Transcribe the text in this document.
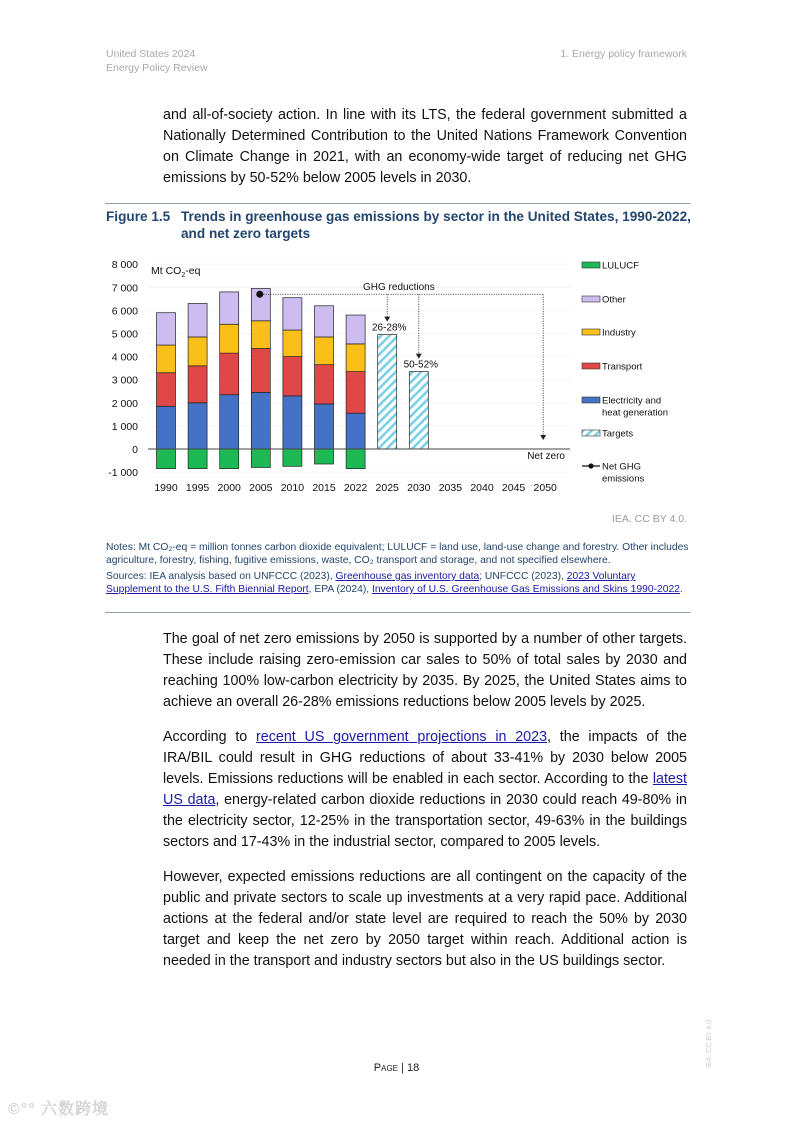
United States 2024
Energy Policy Review
1. Energy policy framework

and all-of-society action. In line with its LTS, the federal government submitted a Nationally Determined Contribution to the United Nations Framework Convention on Climate Change in 2021, with an economy-wide target of reducing net GHG emissions by 50-52% below 2005 levels in 2030.

Figure 1.5 Trends in greenhouse gas emissions by sector in the United States, 1990-2022, and net zero targets
-1 000
0
1 000
2 000
3 000
4 000
5 000
6 000
7 000
8 000 Mt $CO_2-eq$
1990 1995 2000 2005 2010 2015 2022 2025 2030 2035 2040 2045 2050
GHG reductions
26-28%
50-52%
Net zero
LULUCF
Other
Industry
Transport
Electricity and
heat generation
Targets
Net GHG
emissions
IEA. CC BY 4.0.

Notes: Mt CO₂-eq = million tonnes carbon dioxide equivalent; LULUCF = land use, land-use change and forestry. Other includes agriculture, forestry, fishing, fugitive emissions, waste, CO₂ transport and storage, and not specified elsewhere.

Sources: IEA analysis based on UNFCCC (2023), Greenhouse gas inventory data; UNFCCC (2023), 2023 Voluntary Supplement to the U.S. Fifth Biennial Report, EPA (2024), Inventory of U.S. Greenhouse Gas Emissions and Skins 1990-2022.

The goal of net zero emissions by 2050 is supported by a number of other targets. These include raising zero-emission car sales to 50% of total sales by 2030 and reaching 100% low-carbon electricity by 2035. By 2025, the United States aims to achieve an overall 26-28% emissions reductions below 2005 levels by 2025.

According to recent US government projections in 2023, the impacts of the IRA/BIL could result in GHG reductions of about 33-41% by 2030 below 2005 levels. Emissions reductions will be enabled in each sector. According to the latest US data, energy-related carbon dioxide reductions in 2030 could reach 49-80% in the electricity sector, 12-25% in the transportation sector, 49-63% in the buildings sectors and 17-43% in the industrial sector, compared to 2005 levels.

However, expected emissions reductions are all contingent on the capacity of the public and private sectors to scale up investments at a very rapid pace. Additional actions at the federal and/or state level are required to reach the 50% by 2030 target and keep the net zero by 2050 target within reach. Additional action is needed in the transport and industry sectors but also in the US buildings sector.

Page | 18	IEA. CC BY 4.0.
©°° 六数跨境
